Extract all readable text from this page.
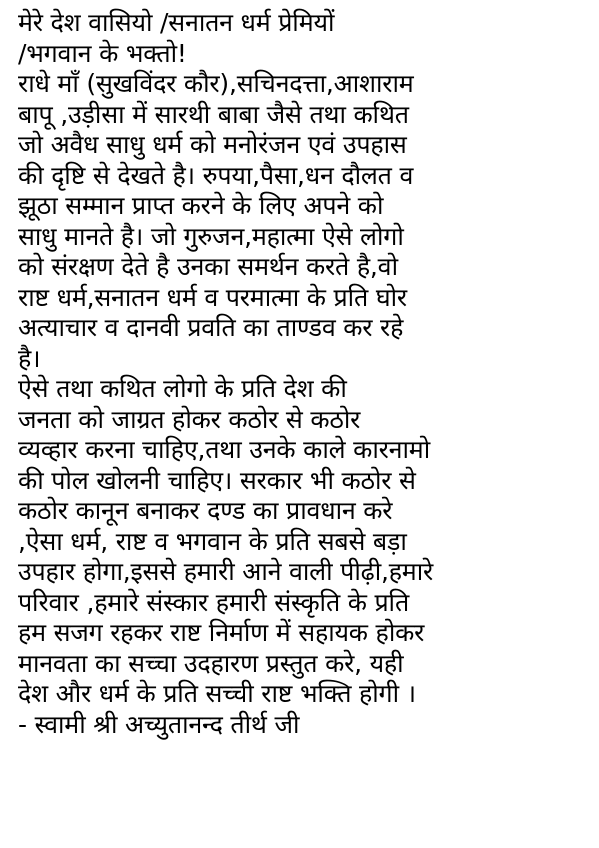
मेरे देश वासियो /सनातन धर्म प्रेमियों
/भगवान के भक्तो!
राधे माँ (सुखविंदर कौर),सचिनदत्ता,आशाराम
बापू ,उड़ीसा में सारथी बाबा जैसे तथा कथित
जो अवैध साधु धर्म को मनोरंजन एवं उपहास
की दृष्टि से देखते है। रुपया,पैसा,धन दौलत व
झूठा सम्मान प्राप्त करने के लिए अपने को
साधु मानते है। जो गुरुजन,महात्मा ऐसे लोगो
को संरक्षण देते है उनका समर्थन करते है,वो
राष्ट धर्म,सनातन धर्म व परमात्मा के प्रति घोर
अत्याचार व दानवी प्रवति का ताण्डव कर रहे
है।
ऐसे तथा कथित लोगो के प्रति देश की
जनता को जाग्रत होकर कठोर से कठोर
व्यव्हार करना चाहिए,तथा उनके काले कारनामो
की पोल खोलनी चाहिए। सरकार भी कठोर से
कठोर कानून बनाकर दण्ड का प्रावधान करे
,ऐसा धर्म, राष्ट व भगवान के प्रति सबसे बड़ा
उपहार होगा,इससे हमारी आने वाली पीढ़ी,हमारे
परिवार ,हमारे संस्कार हमारी संस्कृति के प्रति
हम सजग रहकर राष्ट निर्माण में सहायक होकर
मानवता का सच्चा उदहारण प्रस्तुत करे, यही
देश और धर्म के प्रति सच्ची राष्ट भक्ति होगी ।
- स्वामी श्री अच्युतानन्द तीर्थ जी
